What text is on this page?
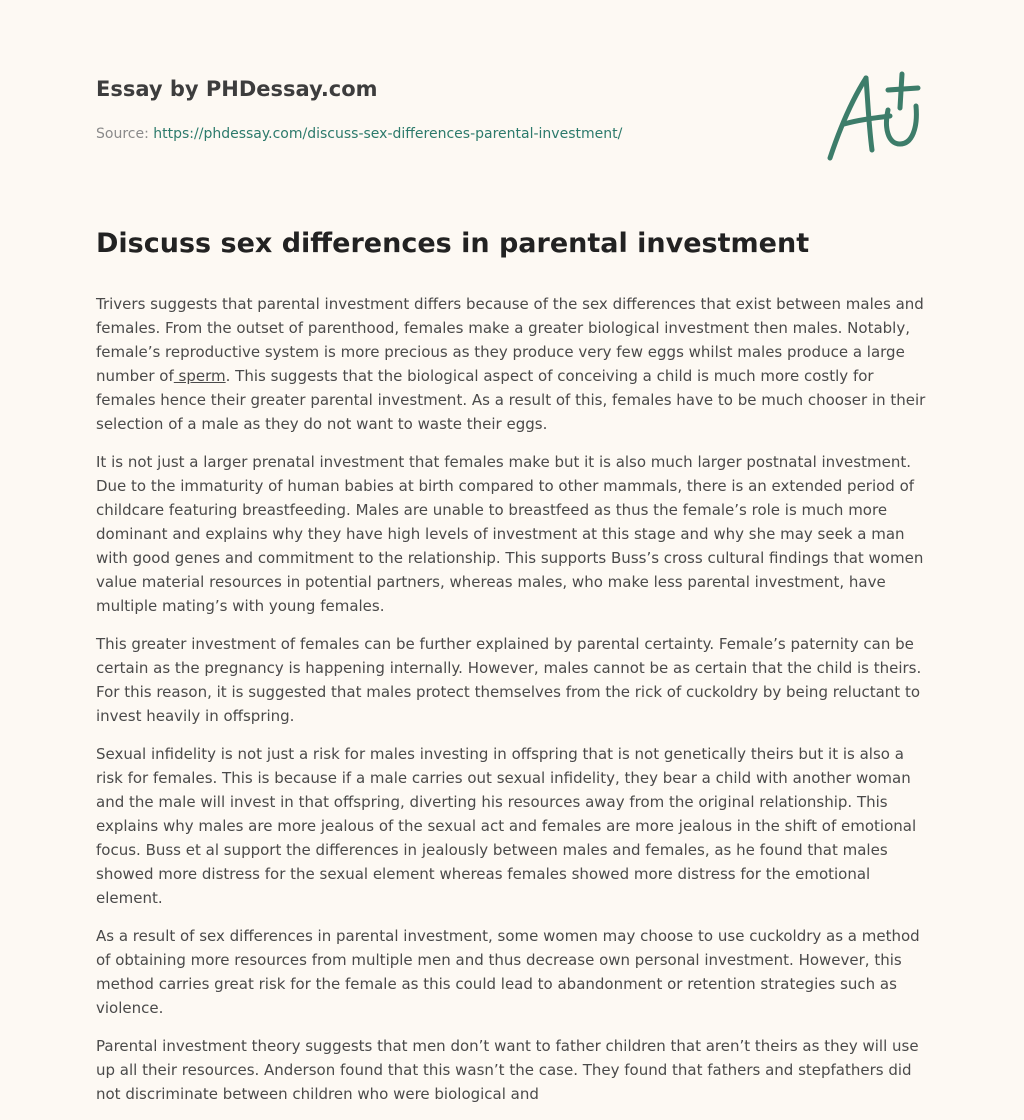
Essay by PHDessay.com
Source: https://phdessay.com/discuss-sex-differences-parental-investment/
Discuss sex differences in parental investment

Trivers suggests that parental investment differs because of the sex differences that exist between males and females. From the outset of parenthood, females make a greater biological investment then males. Notably, female’s reproductive system is more precious as they produce very few eggs whilst males produce a large number of sperm. This suggests that the biological aspect of conceiving a child is much more costly for females hence their greater parental investment. As a result of this, females have to be much chooser in their selection of a male as they do not want to waste their eggs.

It is not just a larger prenatal investment that females make but it is also much larger postnatal investment. Due to the immaturity of human babies at birth compared to other mammals, there is an extended period of childcare featuring breastfeeding. Males are unable to breastfeed as thus the female’s role is much more dominant and explains why they have high levels of investment at this stage and why she may seek a man with good genes and commitment to the relationship. This supports Buss’s cross cultural findings that women value material resources in potential partners, whereas males, who make less parental investment, have multiple mating’s with young females.

This greater investment of females can be further explained by parental certainty. Female’s paternity can be certain as the pregnancy is happening internally. However, males cannot be as certain that the child is theirs. For this reason, it is suggested that males protect themselves from the rick of cuckoldry by being reluctant to invest heavily in offspring.

Sexual infidelity is not just a risk for males investing in offspring that is not genetically theirs but it is also a risk for females. This is because if a male carries out sexual infidelity, they bear a child with another woman and the male will invest in that offspring, diverting his resources away from the original relationship. This explains why males are more jealous of the sexual act and females are more jealous in the shift of emotional focus. Buss et al support the differences in jealously between males and females, as he found that males showed more distress for the sexual element whereas females showed more distress for the emotional element.

As a result of sex differences in parental investment, some women may choose to use cuckoldry as a method of obtaining more resources from multiple men and thus decrease own personal investment. However, this method carries great risk for the female as this could lead to abandonment or retention strategies such as violence.

Parental investment theory suggests that men don’t want to father children that aren’t theirs as they will use up all their resources. Anderson found that this wasn’t the case. They found that fathers and stepfathers did not discriminate between children who were biological and
